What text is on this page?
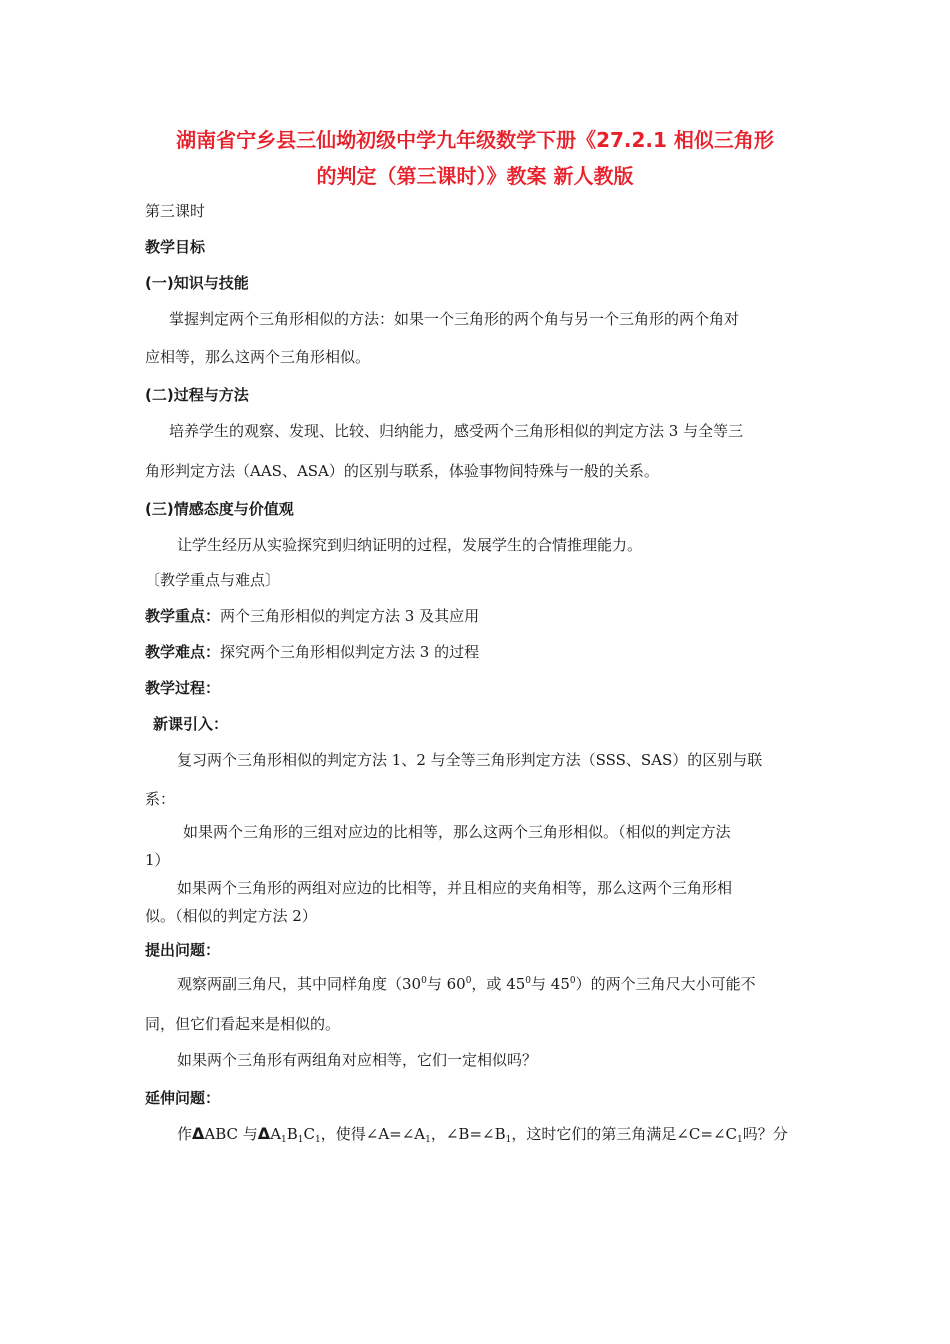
湖南省宁乡县三仙坳初级中学九年级数学下册《27.2.1 相似三角形
的判定（第三课时）》教案 新人教版
第三课时
教学目标
(一)知识与技能
掌握判定两个三角形相似的方法：如果一个三角形的两个角与另一个三角形的两个角对
应相等，那么这两个三角形相似。
(二)过程与方法
培养学生的观察、发现、比较、归纳能力，感受两个三角形相似的判定方法 3 与全等三
角形判定方法（AAS、ASA）的区别与联系，体验事物间特殊与一般的关系。
(三)情感态度与价值观
让学生经历从实验探究到归纳证明的过程，发展学生的合情推理能力。
〔教学重点与难点〕
教学重点：两个三角形相似的判定方法 3 及其应用
教学难点：探究两个三角形相似判定方法 3 的过程
教学过程：
新课引入：
复习两个三角形相似的判定方法 1、2 与全等三角形判定方法（SSS、SAS）的区别与联
系：
如果两个三角形的三组对应边的比相等，那么这两个三角形相似。（相似的判定方法
1）
如果两个三角形的两组对应边的比相等，并且相应的夹角相等，那么这两个三角形相
似。（相似的判定方法 2）
提出问题：
观察两副三角尺，其中同样角度（$30^0$与 $60^0$，或 $45^0$与 $45^0$）的两个三角尺大小可能不
同，但它们看起来是相似的。
如果两个三角形有两组角对应相等，它们一定相似吗？
延伸问题：
作ΔABC 与$\Delta A_1B_1C_1$，使得$\angle A=\angle A_1$，$\angle B=\angle B_1$，这时它们的第三角满足$\angle C=\angle C_1$吗？分
